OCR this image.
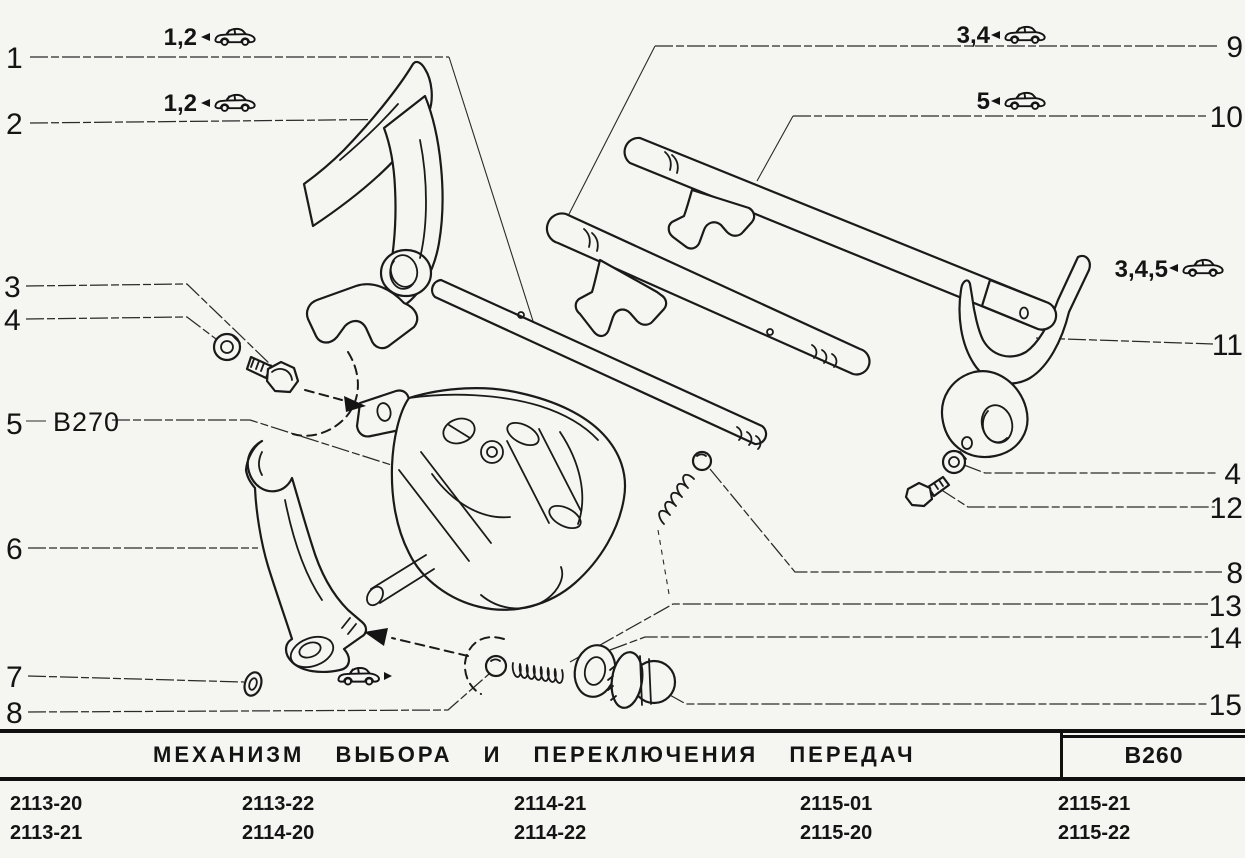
1
2
3
4
5
6
7
8
B270
9
10
11
4
12
8
13
14
15
1,2
1,2
3,4
5
3,4,5
МЕХАНИЗМ ВЫБОРА И ПЕРЕКЛЮЧЕНИЯ ПЕРЕДАЧ	B260
2113-20	2113-22	2114-21	2115-01	2115-21
2113-21	2114-20	2114-22	2115-20	2115-22
